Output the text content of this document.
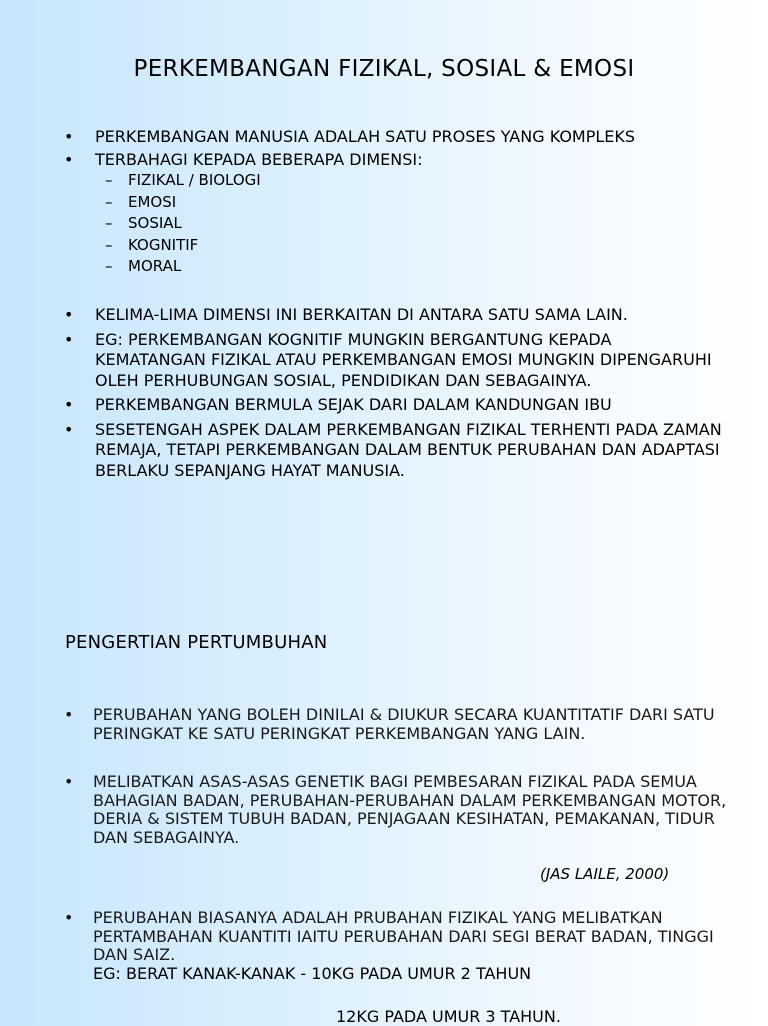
PERKEMBANGAN FIZIKAL, SOSIAL & EMOSI
• PERKEMBANGAN MANUSIA ADALAH SATU PROSES YANG KOMPLEKS
• TERBAHAGI KEPADA BEBERAPA DIMENSI:
– FIZIKAL / BIOLOGI
– EMOSI
– SOSIAL
– KOGNITIF
– MORAL
• KELIMA-LIMA DIMENSI INI BERKAITAN DI ANTARA SATU SAMA LAIN.
• EG: PERKEMBANGAN KOGNITIF MUNGKIN BERGANTUNG KEPADA KEMATANGAN FIZIKAL ATAU PERKEMBANGAN EMOSI MUNGKIN DIPENGARUHI OLEH PERHUBUNGAN SOSIAL, PENDIDIKAN DAN SEBAGAINYA.
• PERKEMBANGAN BERMULA SEJAK DARI DALAM KANDUNGAN IBU
• SESETENGAH ASPEK DALAM PERKEMBANGAN FIZIKAL TERHENTI PADA ZAMAN REMAJA, TETAPI PERKEMBANGAN DALAM BENTUK PERUBAHAN DAN ADAPTASI BERLAKU SEPANJANG HAYAT MANUSIA.
PENGERTIAN PERTUMBUHAN
• PERUBAHAN YANG BOLEH DINILAI & DIUKUR SECARA KUANTITATIF DARI SATU PERINGKAT KE SATU PERINGKAT PERKEMBANGAN YANG LAIN.
• MELIBATKAN ASAS-ASAS GENETIK BAGI PEMBESARAN FIZIKAL PADA SEMUA BAHAGIAN BADAN, PERUBAHAN-PERUBAHAN DALAM PERKEMBANGAN MOTOR, DERIA & SISTEM TUBUH BADAN, PENJAGAAN KESIHATAN, PEMAKANAN, TIDUR DAN SEBAGAINYA.
(JAS LAILE, 2000)
• PERUBAHAN BIASANYA ADALAH PRUBAHAN FIZIKAL YANG MELIBATKAN PERTAMBAHAN KUANTITI IAITU PERUBAHAN DARI SEGI BERAT BADAN, TINGGI DAN SAIZ.
EG: BERAT KANAK-KANAK - 10KG PADA UMUR 2 TAHUN
12KG PADA UMUR 3 TAHUN.
